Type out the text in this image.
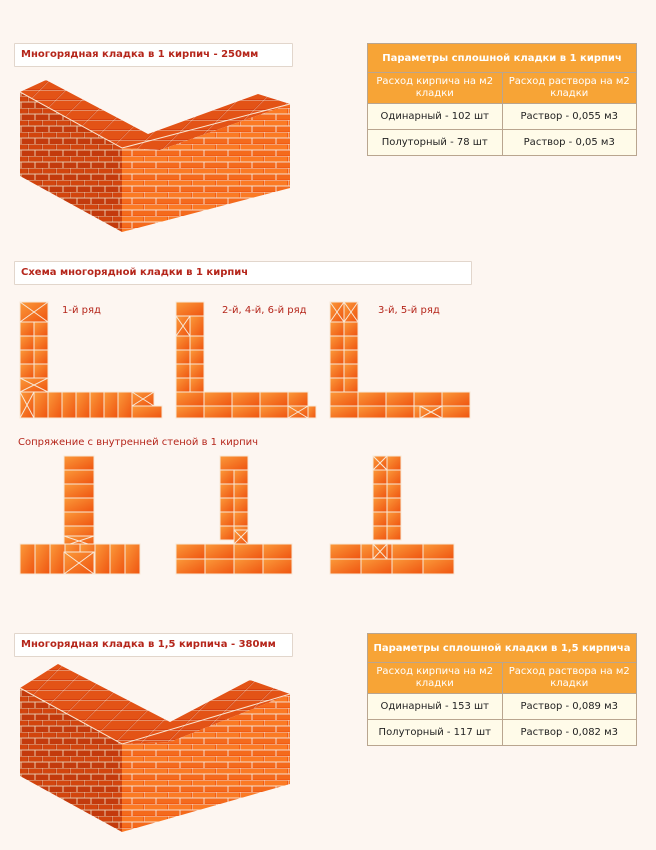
Многорядная кладка в 1 кирпич - 250мм	Параметры сплошной кладки в 1 кирпич	
Расход кирпича на м2 кладки	Расход раствора на м2 кладки
Одинарный - 102 шт	Раствор - 0,055 м3
Полуторный - 78 шт	Раствор - 0,05 м3
Схема многорядной кладки в 1 кирпич
1-й ряд	2-й, 4-й, 6-й ряд	3-й, 5-й ряд
Сопряжение с внутренней стеной в 1 кирпич
Многорядная кладка в 1,5 кирпича - 380мм	Параметры сплошной кладки в 1,5 кирпича	
Расход кирпича на м2 кладки	Расход раствора на м2 кладки
Одинарный - 153 шт	Раствор - 0,089 м3
Полуторный - 117 шт	Раствор - 0,082 м3
